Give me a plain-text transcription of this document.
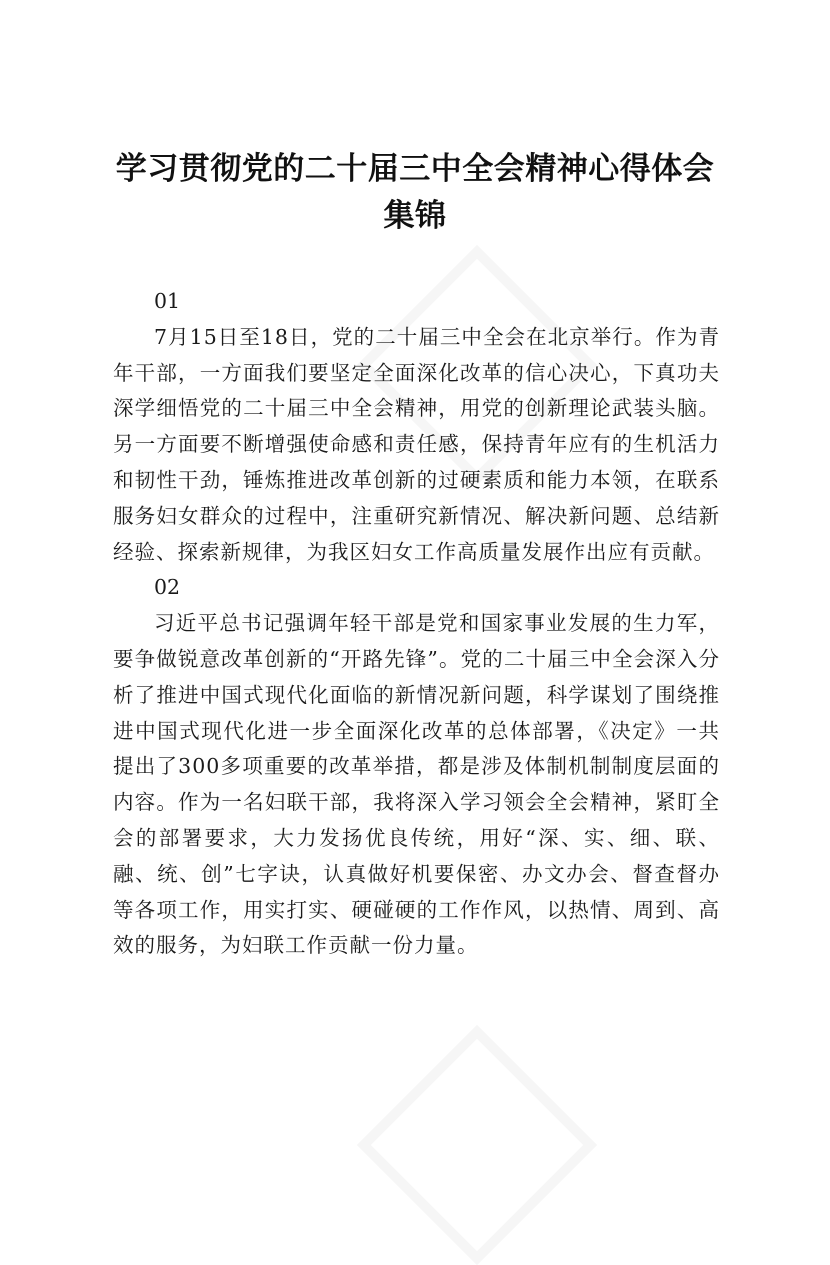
学习贯彻党的二十届三中全会精神心得体会集锦

01

7月15日至18日，党的二十届三中全会在北京举行。作为青年干部，一方面我们要坚定全面深化改革的信心决心，下真功夫深学细悟党的二十届三中全会精神，用党的创新理论武装头脑。另一方面要不断增强使命感和责任感，保持青年应有的生机活力和韧性干劲，锤炼推进改革创新的过硬素质和能力本领，在联系服务妇女群众的过程中，注重研究新情况、解决新问题、总结新经验、探索新规律，为我区妇女工作高质量发展作出应有贡献。

02

习近平总书记强调年轻干部是党和国家事业发展的生力军，要争做锐意改革创新的“开路先锋”。党的二十届三中全会深入分析了推进中国式现代化面临的新情况新问题，科学谋划了围绕推进中国式现代化进一步全面深化改革的总体部署，《决定》一共提出了300多项重要的改革举措，都是涉及体制机制制度层面的内容。作为一名妇联干部，我将深入学习领会全会精神，紧盯全会的部署要求，大力发扬优良传统，用好“深、实、细、联、融、统、创”七字诀，认真做好机要保密、办文办会、督查督办等各项工作，用实打实、硬碰硬的工作作风，以热情、周到、高效的服务，为妇联工作贡献一份力量。
